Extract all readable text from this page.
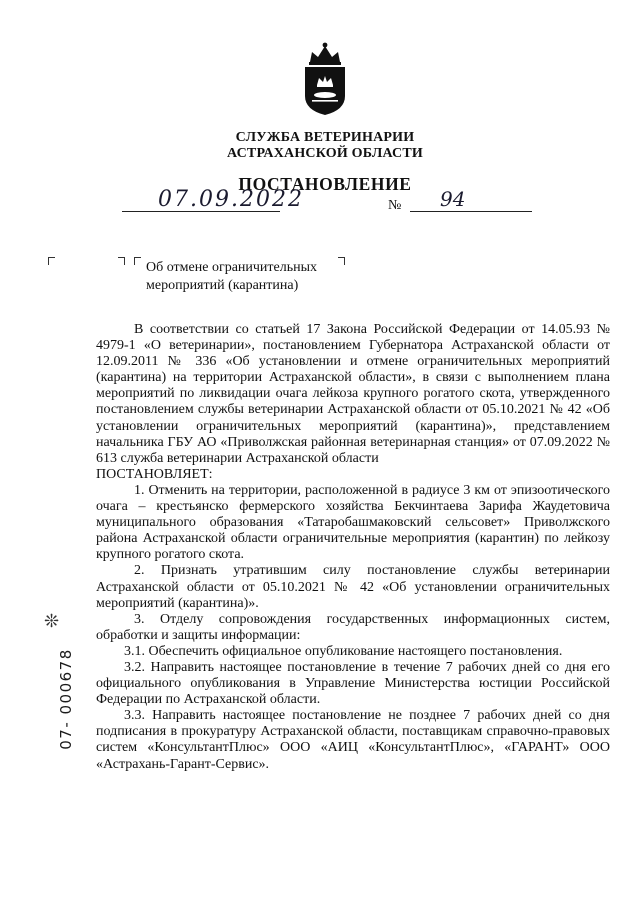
СЛУЖБА ВЕТЕРИНАРИИ
АСТРАХАНСКОЙ ОБЛАСТИ
ПОСТАНОВЛЕНИЕ
07.09.2022	№ 94
Об отмене ограничительных
мероприятий (карантина)

В соответствии со статьей 17 Закона Российской Федерации от 14.05.93 № 4979-1 «О ветеринарии», постановлением Губернатора Астраханской области от 12.09.2011 № 336 «Об установлении и отмене ограничительных мероприятий (карантина) на территории Астраханской области», в связи с выполнением плана мероприятий по ликвидации очага лейкоза крупного рогатого скота, утвержденного постановлением службы ветеринарии Астраханской области от 05.10.2021 № 42 «Об установлении ограничительных мероприятий (карантина)», представлением начальника ГБУ АО «Приволжская районная ветеринарная станция» от 07.09.2022 № 613 служба ветеринарии Астраханской области

ПОСТАНОВЛЯЕТ:

1. Отменить на территории, расположенной в радиусе 3 км от эпизоотического очага – крестьянско фермерского хозяйства Бекчинтаева Зарифа Жаудетовича муниципального образования «Татаробашмаковский сельсовет» Приволжского района Астраханской области ограничительные мероприятия (карантин) по лейкозу крупного рогатого скота.

2. Признать утратившим силу постановление службы ветеринарии Астраханской области от 05.10.2021 № 42 «Об установлении ограничительных мероприятий (карантина)».

3. Отделу сопровождения государственных информационных систем, обработки и защиты информации:

3.1. Обеспечить официальное опубликование настоящего постановления.

3.2. Направить настоящее постановление в течение 7 рабочих дней со дня его официального опубликования в Управление Министерства юстиции Российской Федерации по Астраханской области.

3.3. Направить настоящее постановление не позднее 7 рабочих дней со дня подписания в прокуратуру Астраханской области, поставщикам справочно-правовых систем «КонсультантПлюс» ООО «АИЦ «КонсультантПлюс», «ГАРАНТ» ООО «Астрахань-Гарант-Сервис».

❊
07- 000678
